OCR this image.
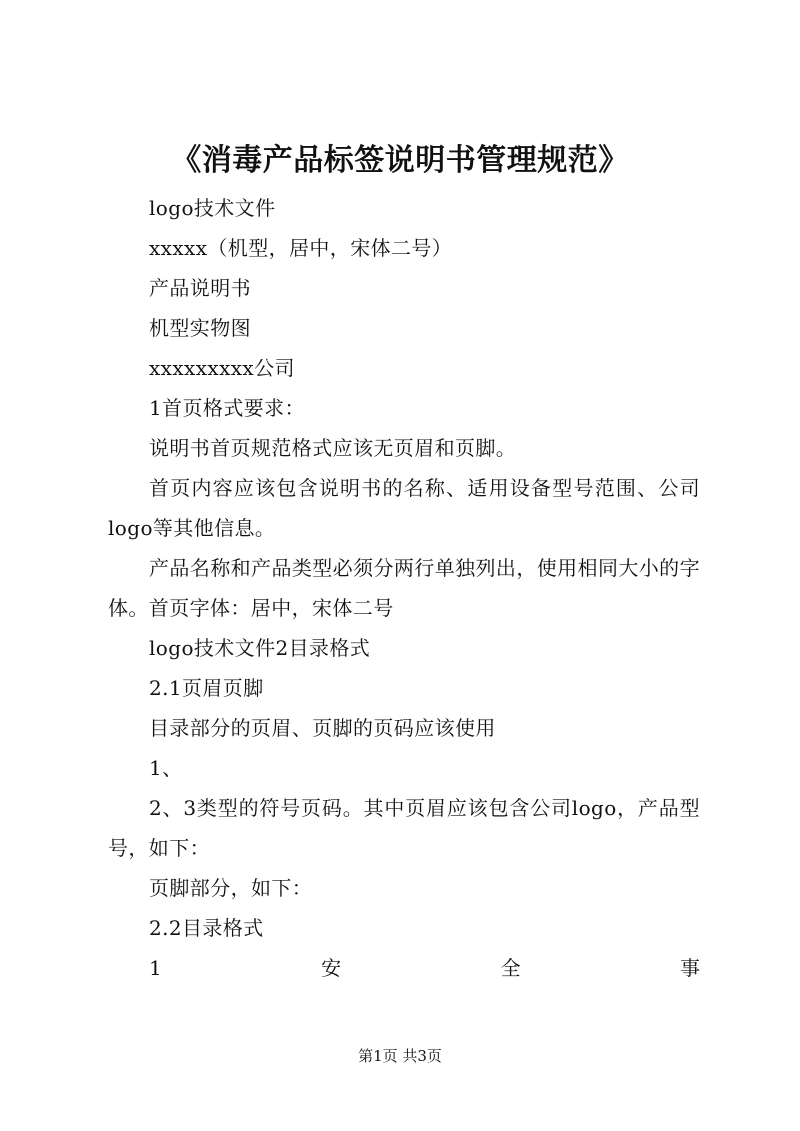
《消毒产品标签说明书管理规范》

logo技术文件

xxxxx（机型，居中，宋体二号）

产品说明书

机型实物图

xxxxxxxxx公司

1首页格式要求：

说明书首页规范格式应该无页眉和页脚。

首页内容应该包含说明书的名称、适用设备型号范围、公司logo等其他信息。

产品名称和产品类型必须分两行单独列出，使用相同大小的字体。首页字体：居中，宋体二号

logo技术文件2目录格式

2.1页眉页脚

目录部分的页眉、页脚的页码应该使用

1、

2、3类型的符号页码。其中页眉应该包含公司logo，产品型号，如下：

页脚部分，如下：

2.2目录格式

1	安	全	事
第1页 共3页
